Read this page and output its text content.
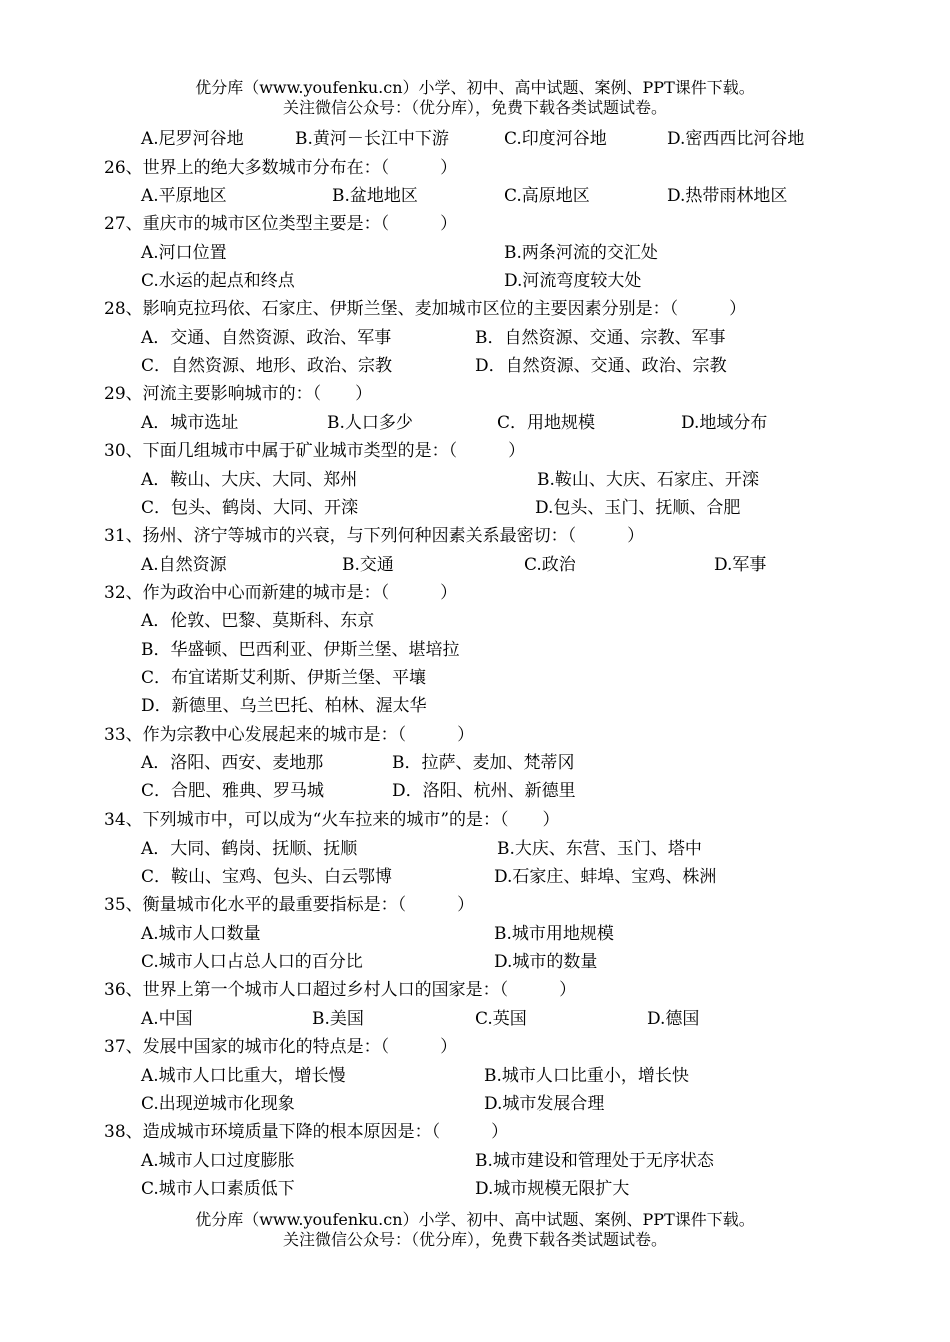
优分库（www.youfenku.cn）小学、初中、高中试题、案例、PPT课件下载。
关注微信公众号：（优分库），免费下载各类试题试卷。
A.尼罗河谷地	B.黄河－长江中下游	C.印度河谷地	D.密西西比河谷地
26、世界上的绝大多数城市分布在：（　　　）
A.平原地区	B.盆地地区	C.高原地区	D.热带雨林地区
27、重庆市的城市区位类型主要是：（　　　）
A.河口位置	B.两条河流的交汇处
C.水运的起点和终点	D.河流弯度较大处
28、影响克拉玛依、石家庄、伊斯兰堡、麦加城市区位的主要因素分别是：（　　　）
A．交通、自然资源、政治、军事	B．自然资源、交通、宗教、军事
C．自然资源、地形、政治、宗教	D．自然资源、交通、政治、宗教
29、河流主要影响城市的：（　　）
A．城市选址	B.人口多少	C．用地规模	D.地域分布
30、下面几组城市中属于矿业城市类型的是：（　　　）
A．鞍山、大庆、大同、郑州	B.鞍山、大庆、石家庄、开滦
C．包头、鹤岗、大同、开滦	D.包头、玉门、抚顺、合肥
31、扬州、济宁等城市的兴衰，与下列何种因素关系最密切：（　　　）
A.自然资源	B.交通	C.政治	D.军事
32、作为政治中心而新建的城市是：（　　　）
A．伦敦、巴黎、莫斯科、东京
B．华盛顿、巴西利亚、伊斯兰堡、堪培拉
C．布宜诺斯艾利斯、伊斯兰堡、平壤
D．新德里、乌兰巴托、柏林、渥太华
33、作为宗教中心发展起来的城市是：（　　　）
A．洛阳、西安、麦地那	B．拉萨、麦加、梵蒂冈
C．合肥、雅典、罗马城	D．洛阳、杭州、新德里
34、下列城市中，可以成为“火车拉来的城市”的是：（　　）
A．大同、鹤岗、抚顺、抚顺	B.大庆、东营、玉门、塔中
C．鞍山、宝鸡、包头、白云鄂博	D.石家庄、蚌埠、宝鸡、株洲
35、衡量城市化水平的最重要指标是：（　　　）
A.城市人口数量	B.城市用地规模
C.城市人口占总人口的百分比	D.城市的数量
36、世界上第一个城市人口超过乡村人口的国家是：（　　　）
A.中国	B.美国	C.英国	D.德国
37、发展中国家的城市化的特点是：（　　　）
A.城市人口比重大，增长慢	B.城市人口比重小，增长快
C.出现逆城市化现象	D.城市发展合理
38、造成城市环境质量下降的根本原因是：（　　　）
A.城市人口过度膨胀	B.城市建设和管理处于无序状态
C.城市人口素质低下	D.城市规模无限扩大
优分库（www.youfenku.cn）小学、初中、高中试题、案例、PPT课件下载。
关注微信公众号：（优分库），免费下载各类试题试卷。
